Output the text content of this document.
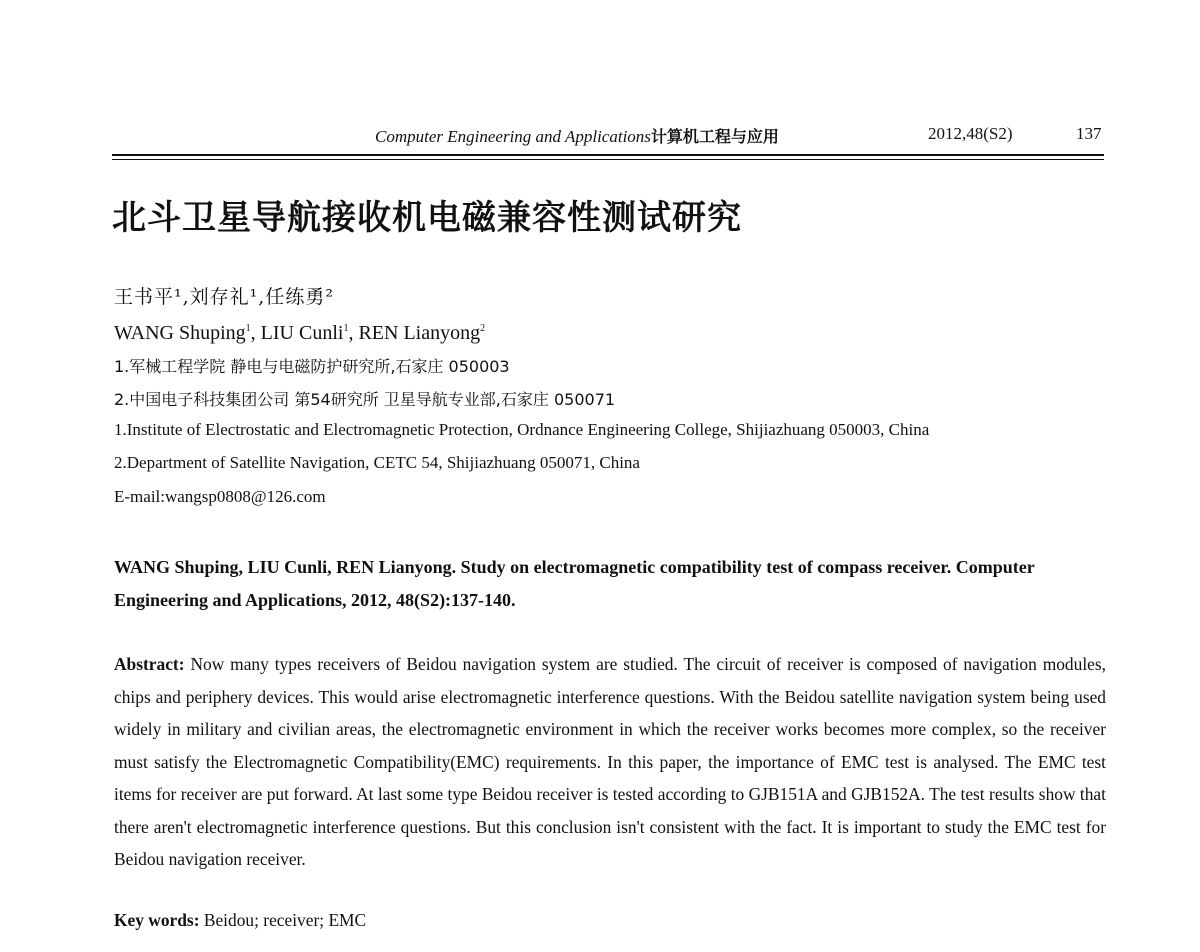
Computer Engineering and Applications计算机工程与应用	2012,48(S2)	137
北斗卫星导航接收机电磁兼容性测试研究
王书平¹,刘存礼¹,任练勇²
WANG Shuping$^1$, LIU Cunli$^1$, REN Lianyong$^2$
1.军械工程学院 静电与电磁防护研究所,石家庄 050003
2.中国电子科技集团公司 第54研究所 卫星导航专业部,石家庄 050071
1.Institute of Electrostatic and Electromagnetic Protection, Ordnance Engineering College, Shijiazhuang 050003, China
2.Department of Satellite Navigation, CETC 54, Shijiazhuang 050071, China
E-mail:wangsp0808@126.com
WANG Shuping, LIU Cunli, REN Lianyong. Study on electromagnetic compatibility test of compass receiver. Computer Engineering and Applications, 2012, 48(S2):137-140.
Abstract: Now many types receivers of Beidou navigation system are studied. The circuit of receiver is composed of navigation modules, chips and periphery devices. This would arise electromagnetic interference questions. With the Beidou satellite navigation system being used widely in military and civilian areas, the electromagnetic environment in which the receiver works becomes more complex, so the receiver must satisfy the Electromagnetic Compatibility(EMC) requirements. In this paper, the importance of EMC test is analysed. The EMC test items for receiver are put forward. At last some type Beidou receiver is tested according to GJB151A and GJB152A. The test results show that there aren't electromagnetic interference questions. But this conclusion isn't consistent with the fact. It is important to study the EMC test for Beidou navigation receiver.
Key words: Beidou; receiver; EMC
